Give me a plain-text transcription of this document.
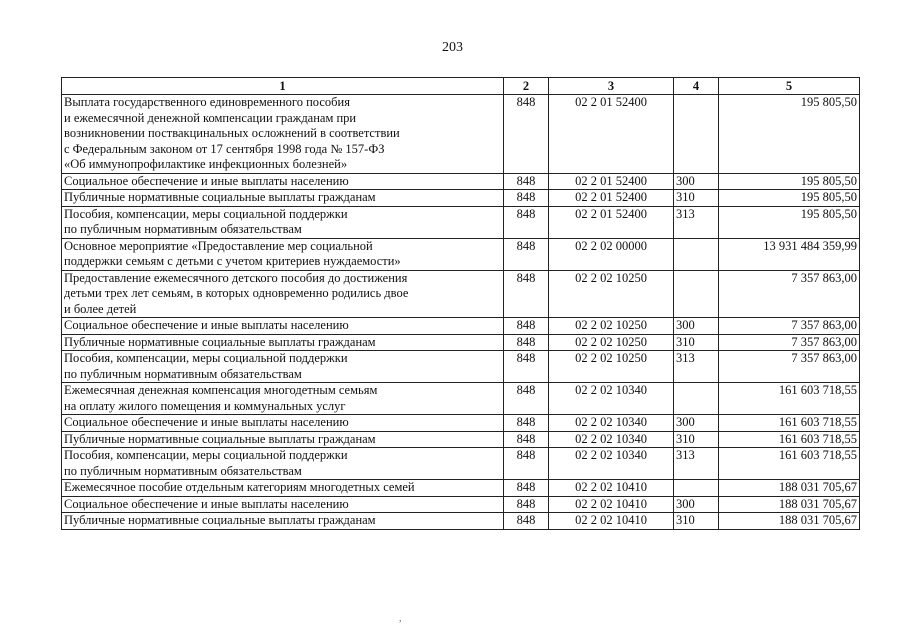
203
1	2	3	4	5
Выплата государственного единовременного пособия
и ежемесячной денежной компенсации гражданам при
возникновении поствакцинальных осложнений в соответствии
с Федеральным законом от 17 сентября 1998 года № 157-ФЗ
«Об иммунопрофилактике инфекционных болезней»	848	02 2 01 52400		195 805,50
Социальное обеспечение и иные выплаты населению	848	02 2 01 52400	300	195 805,50
Публичные нормативные социальные выплаты гражданам	848	02 2 01 52400	310	195 805,50
Пособия, компенсации, меры социальной поддержки
по публичным нормативным обязательствам	848	02 2 01 52400	313	195 805,50
Основное мероприятие «Предоставление мер социальной
поддержки семьям с детьми с учетом критериев нуждаемости»	848	02 2 02 00000		13 931 484 359,99
Предоставление ежемесячного детского пособия до достижения
детьми трех лет семьям, в которых одновременно родились двое
и более детей	848	02 2 02 10250		7 357 863,00
Социальное обеспечение и иные выплаты населению	848	02 2 02 10250	300	7 357 863,00
Публичные нормативные социальные выплаты гражданам	848	02 2 02 10250	310	7 357 863,00
Пособия, компенсации, меры социальной поддержки
по публичным нормативным обязательствам	848	02 2 02 10250	313	7 357 863,00
Ежемесячная денежная компенсация многодетным семьям
на оплату жилого помещения и коммунальных услуг	848	02 2 02 10340		161 603 718,55
Социальное обеспечение и иные выплаты населению	848	02 2 02 10340	300	161 603 718,55
Публичные нормативные социальные выплаты гражданам	848	02 2 02 10340	310	161 603 718,55
Пособия, компенсации, меры социальной поддержки
по публичным нормативным обязательствам	848	02 2 02 10340	313	161 603 718,55
Ежемесячное пособие отдельным категориям многодетных семей	848	02 2 02 10410		188 031 705,67
Социальное обеспечение и иные выплаты населению	848	02 2 02 10410	300	188 031 705,67
Публичные нормативные социальные выплаты гражданам	848	02 2 02 10410	310	188 031 705,67
,
